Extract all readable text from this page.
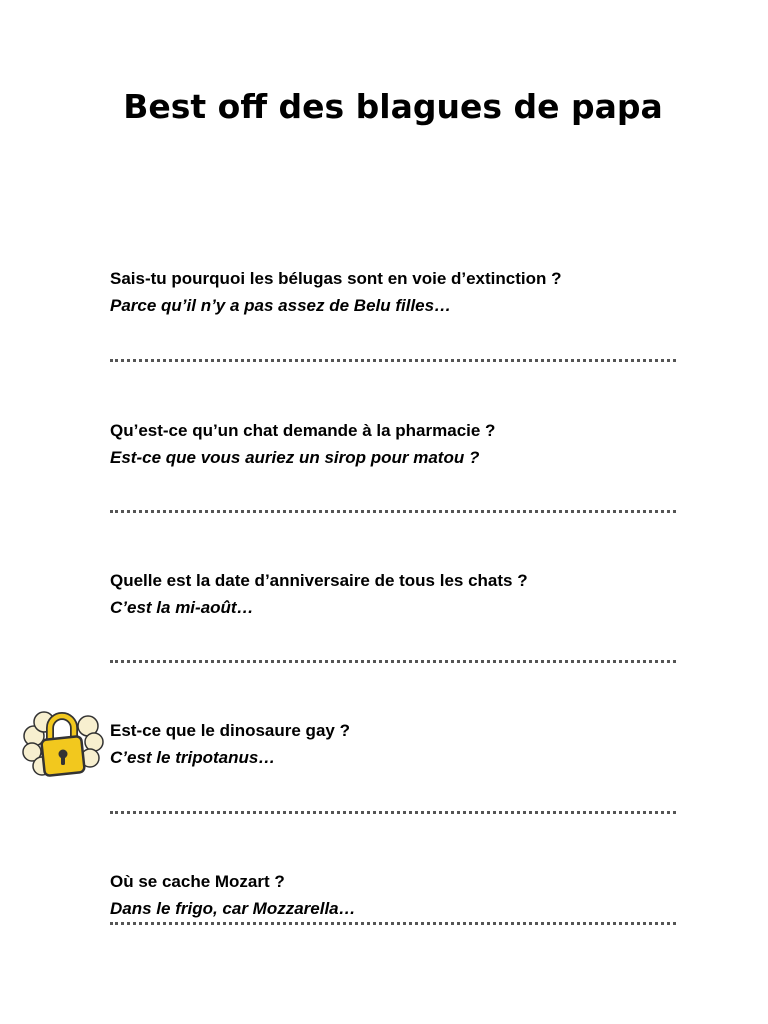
Best off des blagues de papa

Sais-tu pourquoi les bélugas sont en voie d’extinction ?

Parce qu’il n’y a pas assez de Belu filles…

Qu’est-ce qu’un chat demande à la pharmacie ?

Est-ce que vous auriez un sirop pour matou ?

Quelle est la date d’anniversaire de tous les chats ?

C’est la mi-août…

Est-ce que le dinosaure gay ?

C’est le tripotanus…

Où se cache Mozart ?

Dans le frigo, car Mozzarella…
